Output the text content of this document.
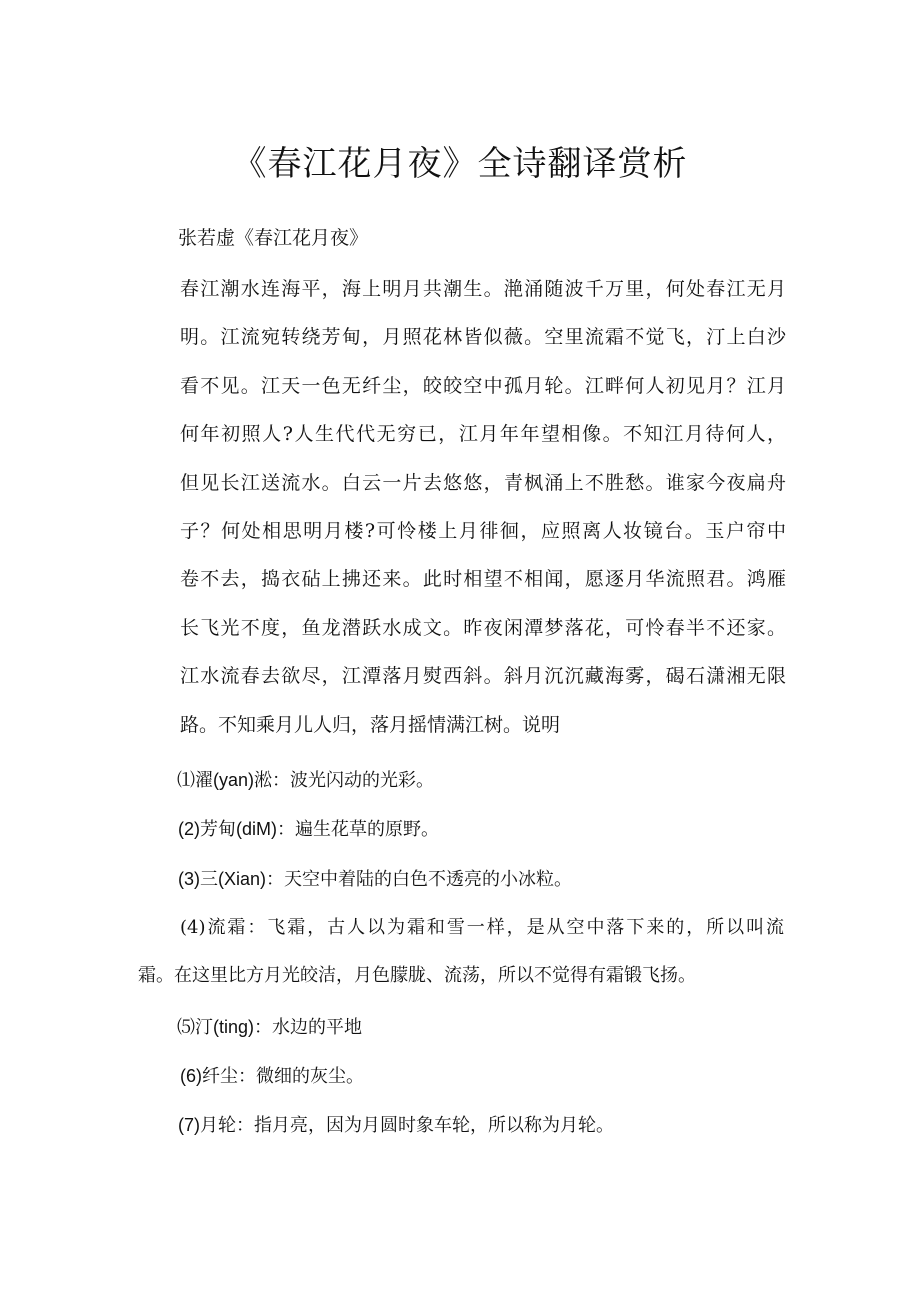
《春江花月夜》全诗翻译赏析
张若虚《春江花月夜》
春江潮水连海平，海上明月共潮生。滟涌随波千万里，何处春江无月
明。江流宛转绕芳甸，月照花林皆似薇。空里流霜不觉飞，汀上白沙
看不见。江天一色无纤尘，皎皎空中孤月轮。江畔何人初见月？江月
何年初照人?人生代代无穷已，江月年年望相像。不知江月待何人，
但见长江送流水。白云一片去悠悠，青枫涌上不胜愁。谁家今夜扁舟
子？何处相思明月楼?可怜楼上月徘徊，应照离人妆镜台。玉户帘中
卷不去，捣衣砧上拂还来。此时相望不相闻，愿逐月华流照君。鸿雁
长飞光不度，鱼龙潜跃水成文。昨夜闲潭梦落花，可怜春半不还家。
江水流春去欲尽，江潭落月熨西斜。斜月沉沉藏海雾，碣石潇湘无限
路。不知乘月儿人归，落月摇情满江树。说明
⑴濯(yan)淞：波光闪动的光彩。
(2)芳甸(diM)：遍生花草的原野。
(3)三(Xian)：天空中着陆的白色不透亮的小冰粒。
(4)流霜：飞霜，古人以为霜和雪一样，是从空中落下来的，所以叫流
霜。在这里比方月光皎洁，月色朦胧、流荡，所以不觉得有霜锻飞扬。
⑸汀(ting)：水边的平地
(6)纤尘：微细的灰尘。
(7)月轮：指月亮，因为月圆时象车轮，所以称为月轮。
